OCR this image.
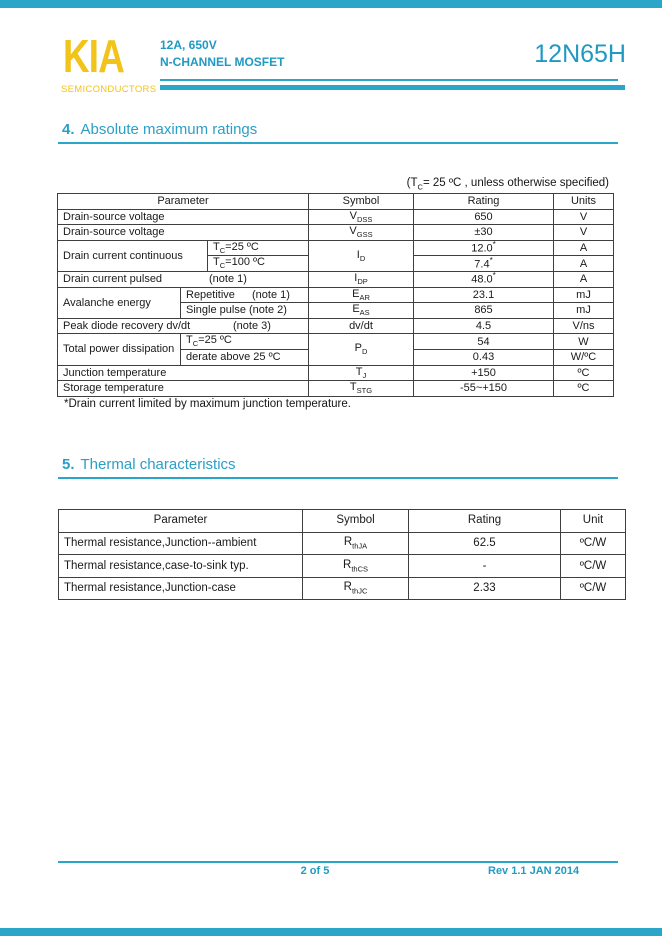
KIA
SEMICONDUCTORS
12A, 650V
N-CHANNEL MOSFET	12N65H
4. Absolute maximum ratings
($T_C= 25$ ºC , unless otherwise specified)
Parameter			Symbol	Rating	Units
Drain-source voltage			$V_{DSS}$	650	V
Drain-source voltage			$V_{GSS}$	±30	V
Drain current continuous		$T_C=25$ ºC	$I_D$	12.0*	A
		$T_C=100$ ºC		7.4*	A
Drain current pulsed (note 1)			$I_{DP}$	48.0*	A
Avalanche energy	Repetitive (note 1)		$E_{AR}$	23.1	mJ
	Single pulse (note 2)		$E_{AS}$	865	mJ
Peak diode recovery dv/dt (note 3)			dv/dt	4.5	V/ns
Total power dissipation	$T_C=25$ ºC		$P_D$	54	W
	derate above 25 ºC			0.43	W/ºC
Junction temperature			$T_J$	+150	ºC
Storage temperature			$T_{STG}$	-55~+150	ºC
*Drain current limited by maximum junction temperature.
5. Thermal characteristics
Parameter	Symbol	Rating	Unit
Thermal resistance,Junction--ambient	$R_{thJA}$	62.5	ºC/W
Thermal resistance,case-to-sink typ.	$R_{thCS}$	-	ºC/W
Thermal resistance,Junction-case	$R_{thJC}$	2.33	ºC/W
2 of 5	Rev 1.1 JAN 2014
